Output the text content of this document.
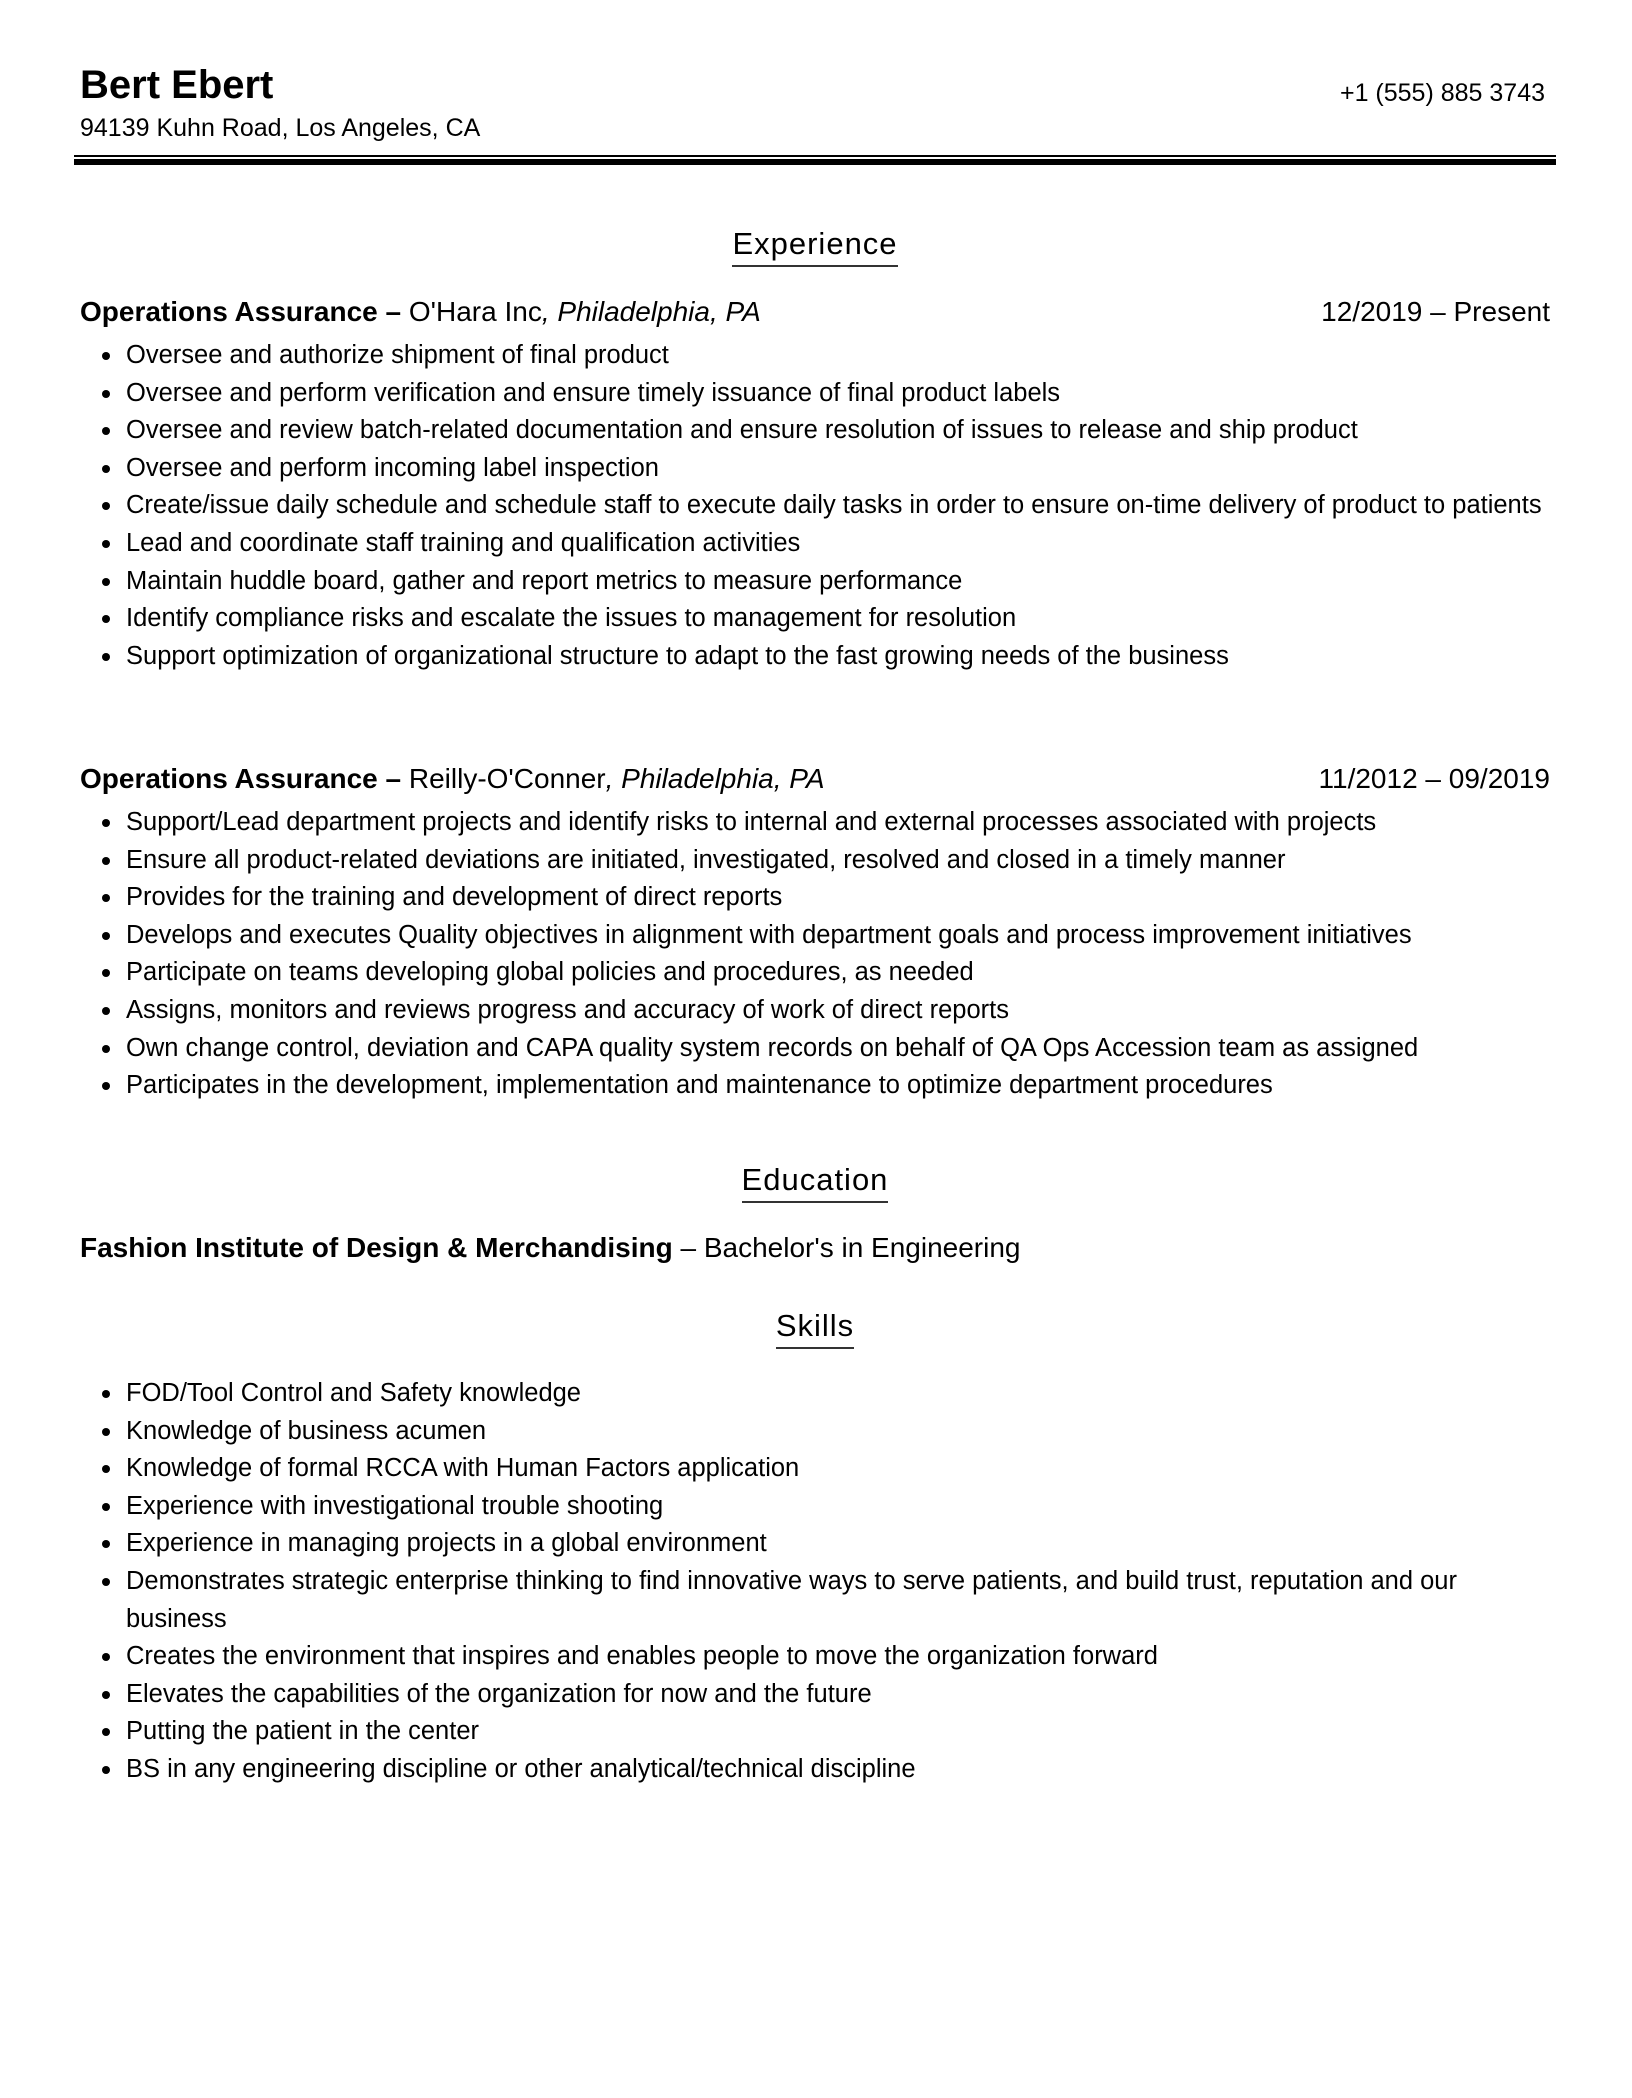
Bert Ebert
94139 Kuhn Road, Los Angeles, CA
+1 (555) 885 3743
Experience
Operations Assurance – O'Hara Inc, Philadelphia, PA	12/2019 – Present
Oversee and authorize shipment of final product
Oversee and perform verification and ensure timely issuance of final product labels
Oversee and review batch-related documentation and ensure resolution of issues to release and ship product
Oversee and perform incoming label inspection
Create/issue daily schedule and schedule staff to execute daily tasks in order to ensure on-time delivery of product to patients
Lead and coordinate staff training and qualification activities
Maintain huddle board, gather and report metrics to measure performance
Identify compliance risks and escalate the issues to management for resolution
Support optimization of organizational structure to adapt to the fast growing needs of the business
Operations Assurance – Reilly-O'Conner, Philadelphia, PA	11/2012 – 09/2019
Support/Lead department projects and identify risks to internal and external processes associated with projects
Ensure all product-related deviations are initiated, investigated, resolved and closed in a timely manner
Provides for the training and development of direct reports
Develops and executes Quality objectives in alignment with department goals and process improvement initiatives
Participate on teams developing global policies and procedures, as needed
Assigns, monitors and reviews progress and accuracy of work of direct reports
Own change control, deviation and CAPA quality system records on behalf of QA Ops Accession team as assigned
Participates in the development, implementation and maintenance to optimize department procedures
Education
Fashion Institute of Design & Merchandising – Bachelor's in Engineering
Skills
FOD/Tool Control and Safety knowledge
Knowledge of business acumen
Knowledge of formal RCCA with Human Factors application
Experience with investigational trouble shooting
Experience in managing projects in a global environment
Demonstrates strategic enterprise thinking to find innovative ways to serve patients, and build trust, reputation and our business
Creates the environment that inspires and enables people to move the organization forward
Elevates the capabilities of the organization for now and the future
Putting the patient in the center
BS in any engineering discipline or other analytical/technical discipline
